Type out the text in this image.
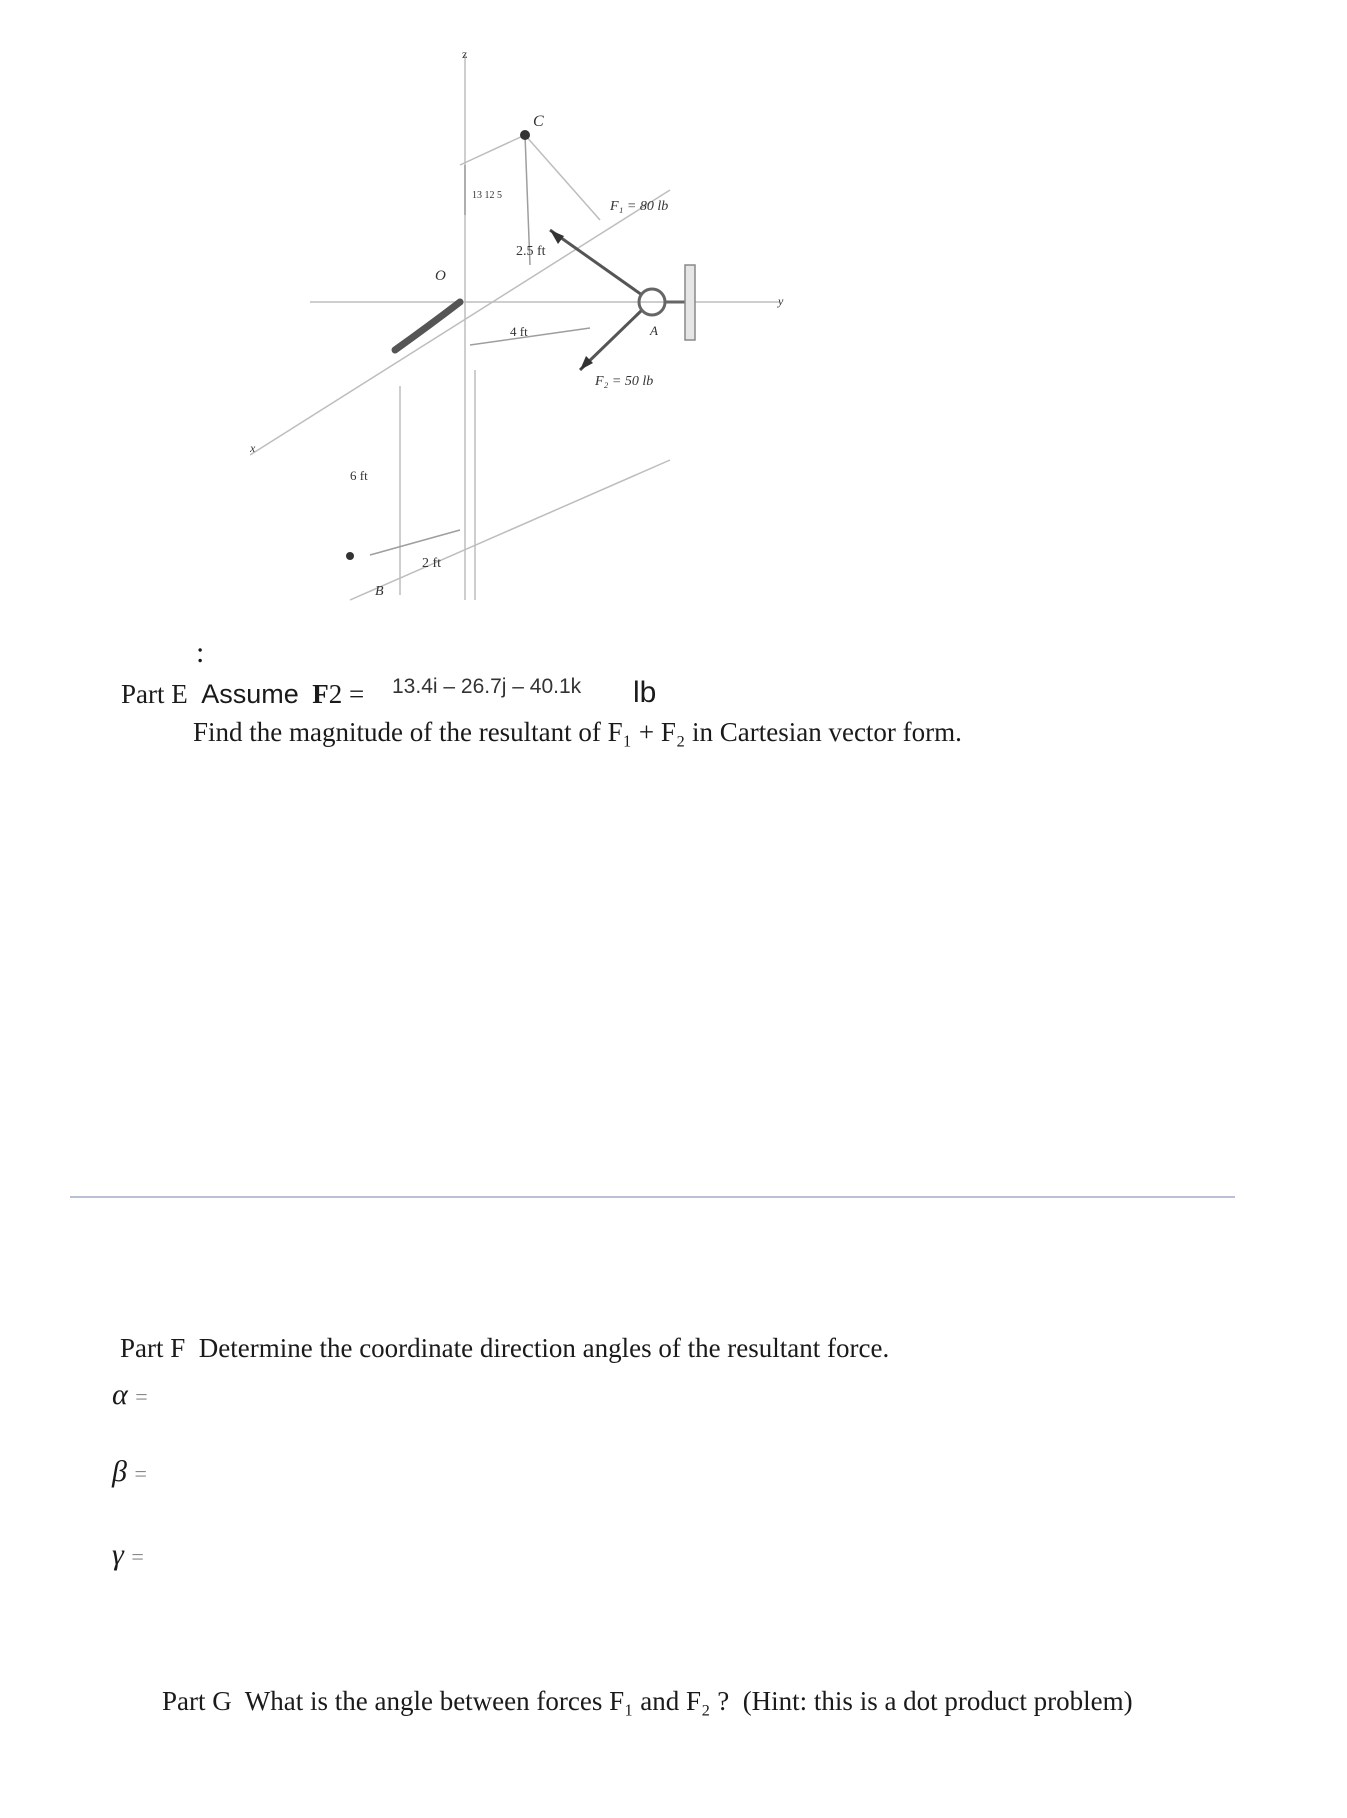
z
C
13 12 5
F₁ = 80 lb
O
2.5 ft
4 ft	A
y
F₂ = 50 lb
x
6 ft
2 ft
B
:
Part E Assume F2 = 13.4i – 26.7j – 40.1k lb
Find the magnitude of the resultant of F₁ + F₂ in Cartesian vector form.
Part F Determine the coordinate direction angles of the resultant force.
α =
β =
γ =
Part G What is the angle between forces F₁ and F₂ ? (Hint: this is a dot product problem)
